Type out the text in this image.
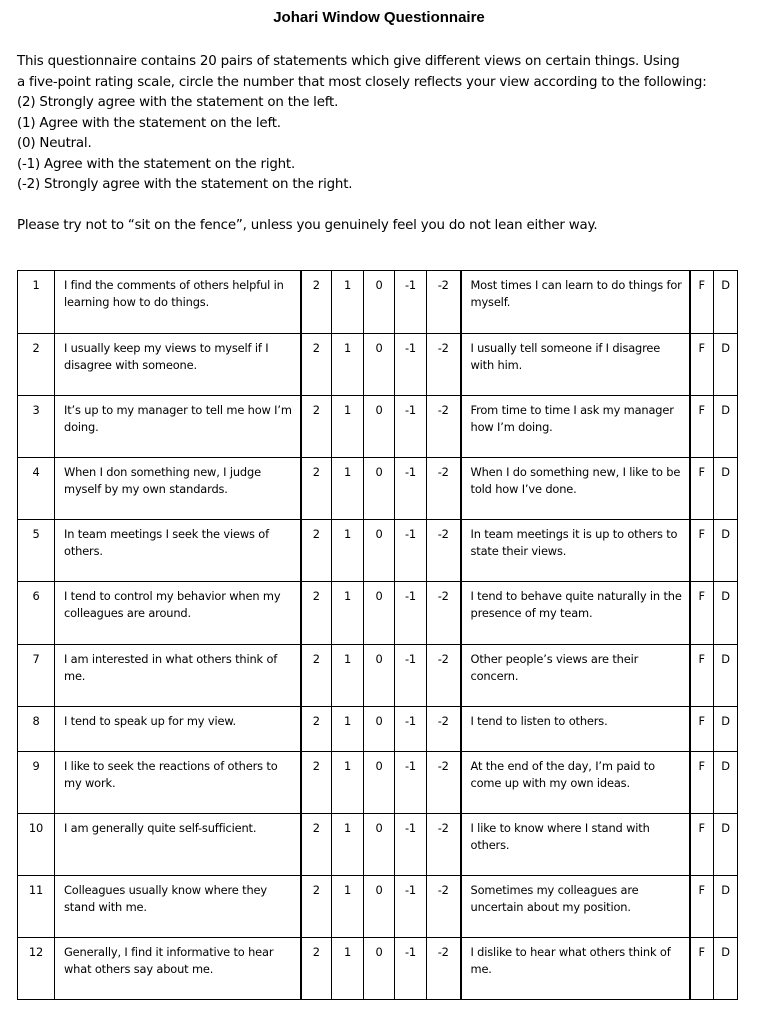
Johari Window Questionnaire
This questionnaire contains 20 pairs of statements which give different views on certain things. Using
a five-point rating scale, circle the number that most closely reflects your view according to the following:
(2) Strongly agree with the statement on the left.
(1) Agree with the statement on the left.
(0) Neutral.
(-1) Agree with the statement on the right.
(-2) Strongly agree with the statement on the right.
Please try not to “sit on the fence”, unless you genuinely feel you do not lean either way.
1	I find the comments of others helpful in learning how to do things.	2	1	0	-1	-2	Most times I can learn to do things for myself.	F	D
2	I usually keep my views to myself if I disagree with someone.	2	1	0	-1	-2	I usually tell someone if I disagree with him.	F	D
3	It’s up to my manager to tell me how I’m doing.	2	1	0	-1	-2	From time to time I ask my manager how I’m doing.	F	D
4	When I don something new, I judge myself by my own standards.	2	1	0	-1	-2	When I do something new, I like to be told how I’ve done.	F	D
5	In team meetings I seek the views of others.	2	1	0	-1	-2	In team meetings it is up to others to state their views.	F	D
6	I tend to control my behavior when my colleagues are around.	2	1	0	-1	-2	I tend to behave quite naturally in the presence of my team.	F	D
7	I am interested in what others think of me.	2	1	0	-1	-2	Other people’s views are their concern.	F	D
8	I tend to speak up for my view.	2	1	0	-1	-2	I tend to listen to others.	F	D
9	I like to seek the reactions of others to my work.	2	1	0	-1	-2	At the end of the day, I’m paid to come up with my own ideas.	F	D
10	I am generally quite self-sufficient.	2	1	0	-1	-2	I like to know where I stand with others.	F	D
11	Colleagues usually know where they stand with me.	2	1	0	-1	-2	Sometimes my colleagues are uncertain about my position.	F	D
12	Generally, I find it informative to hear what others say about me.	2	1	0	-1	-2	I dislike to hear what others think of me.	F	D
